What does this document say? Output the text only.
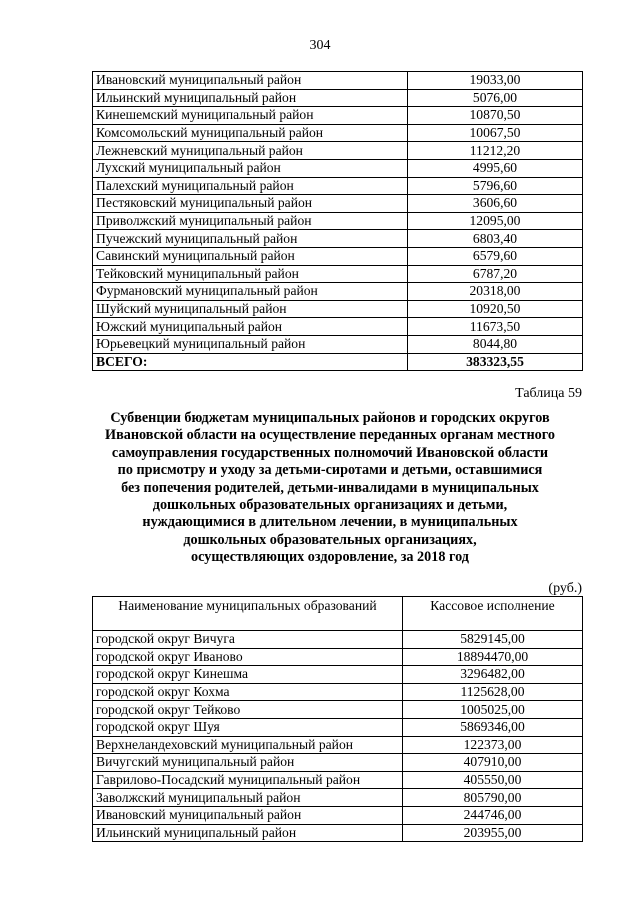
304
Ивановский муниципальный район	19033,00
Ильинский муниципальный район	5076,00
Кинешемский муниципальный район	10870,50
Комсомольский муниципальный район	10067,50
Лежневский муниципальный район	11212,20
Лухский муниципальный район	4995,60
Палехский муниципальный район	5796,60
Пестяковский муниципальный район	3606,60
Приволжский муниципальный район	12095,00
Пучежский муниципальный район	6803,40
Савинский муниципальный район	6579,60
Тейковский муниципальный район	6787,20
Фурмановский муниципальный район	20318,00
Шуйский муниципальный район	10920,50
Южский муниципальный район	11673,50
Юрьевецкий муниципальный район	8044,80
ВСЕГО:	383323,55
Таблица 59
Субвенции бюджетам муниципальных районов и городских округов
Ивановской области на осуществление переданных органам местного
самоуправления государственных полномочий Ивановской области
по присмотру и уходу за детьми-сиротами и детьми, оставшимися
без попечения родителей, детьми-инвалидами в муниципальных
дошкольных образовательных организациях и детьми,
нуждающимися в длительном лечении, в муниципальных
дошкольных образовательных организациях,
осуществляющих оздоровление, за 2018 год
(руб.)
Наименование муниципальных образований	Кассовое исполнение
городской округ Вичуга	5829145,00
городской округ Иваново	18894470,00
городской округ Кинешма	3296482,00
городской округ Кохма	1125628,00
городской округ Тейково	1005025,00
городской округ Шуя	5869346,00
Верхнеландеховский муниципальный район	122373,00
Вичугский муниципальный район	407910,00
Гаврилово-Посадский муниципальный район	405550,00
Заволжский муниципальный район	805790,00
Ивановский муниципальный район	244746,00
Ильинский муниципальный район	203955,00
